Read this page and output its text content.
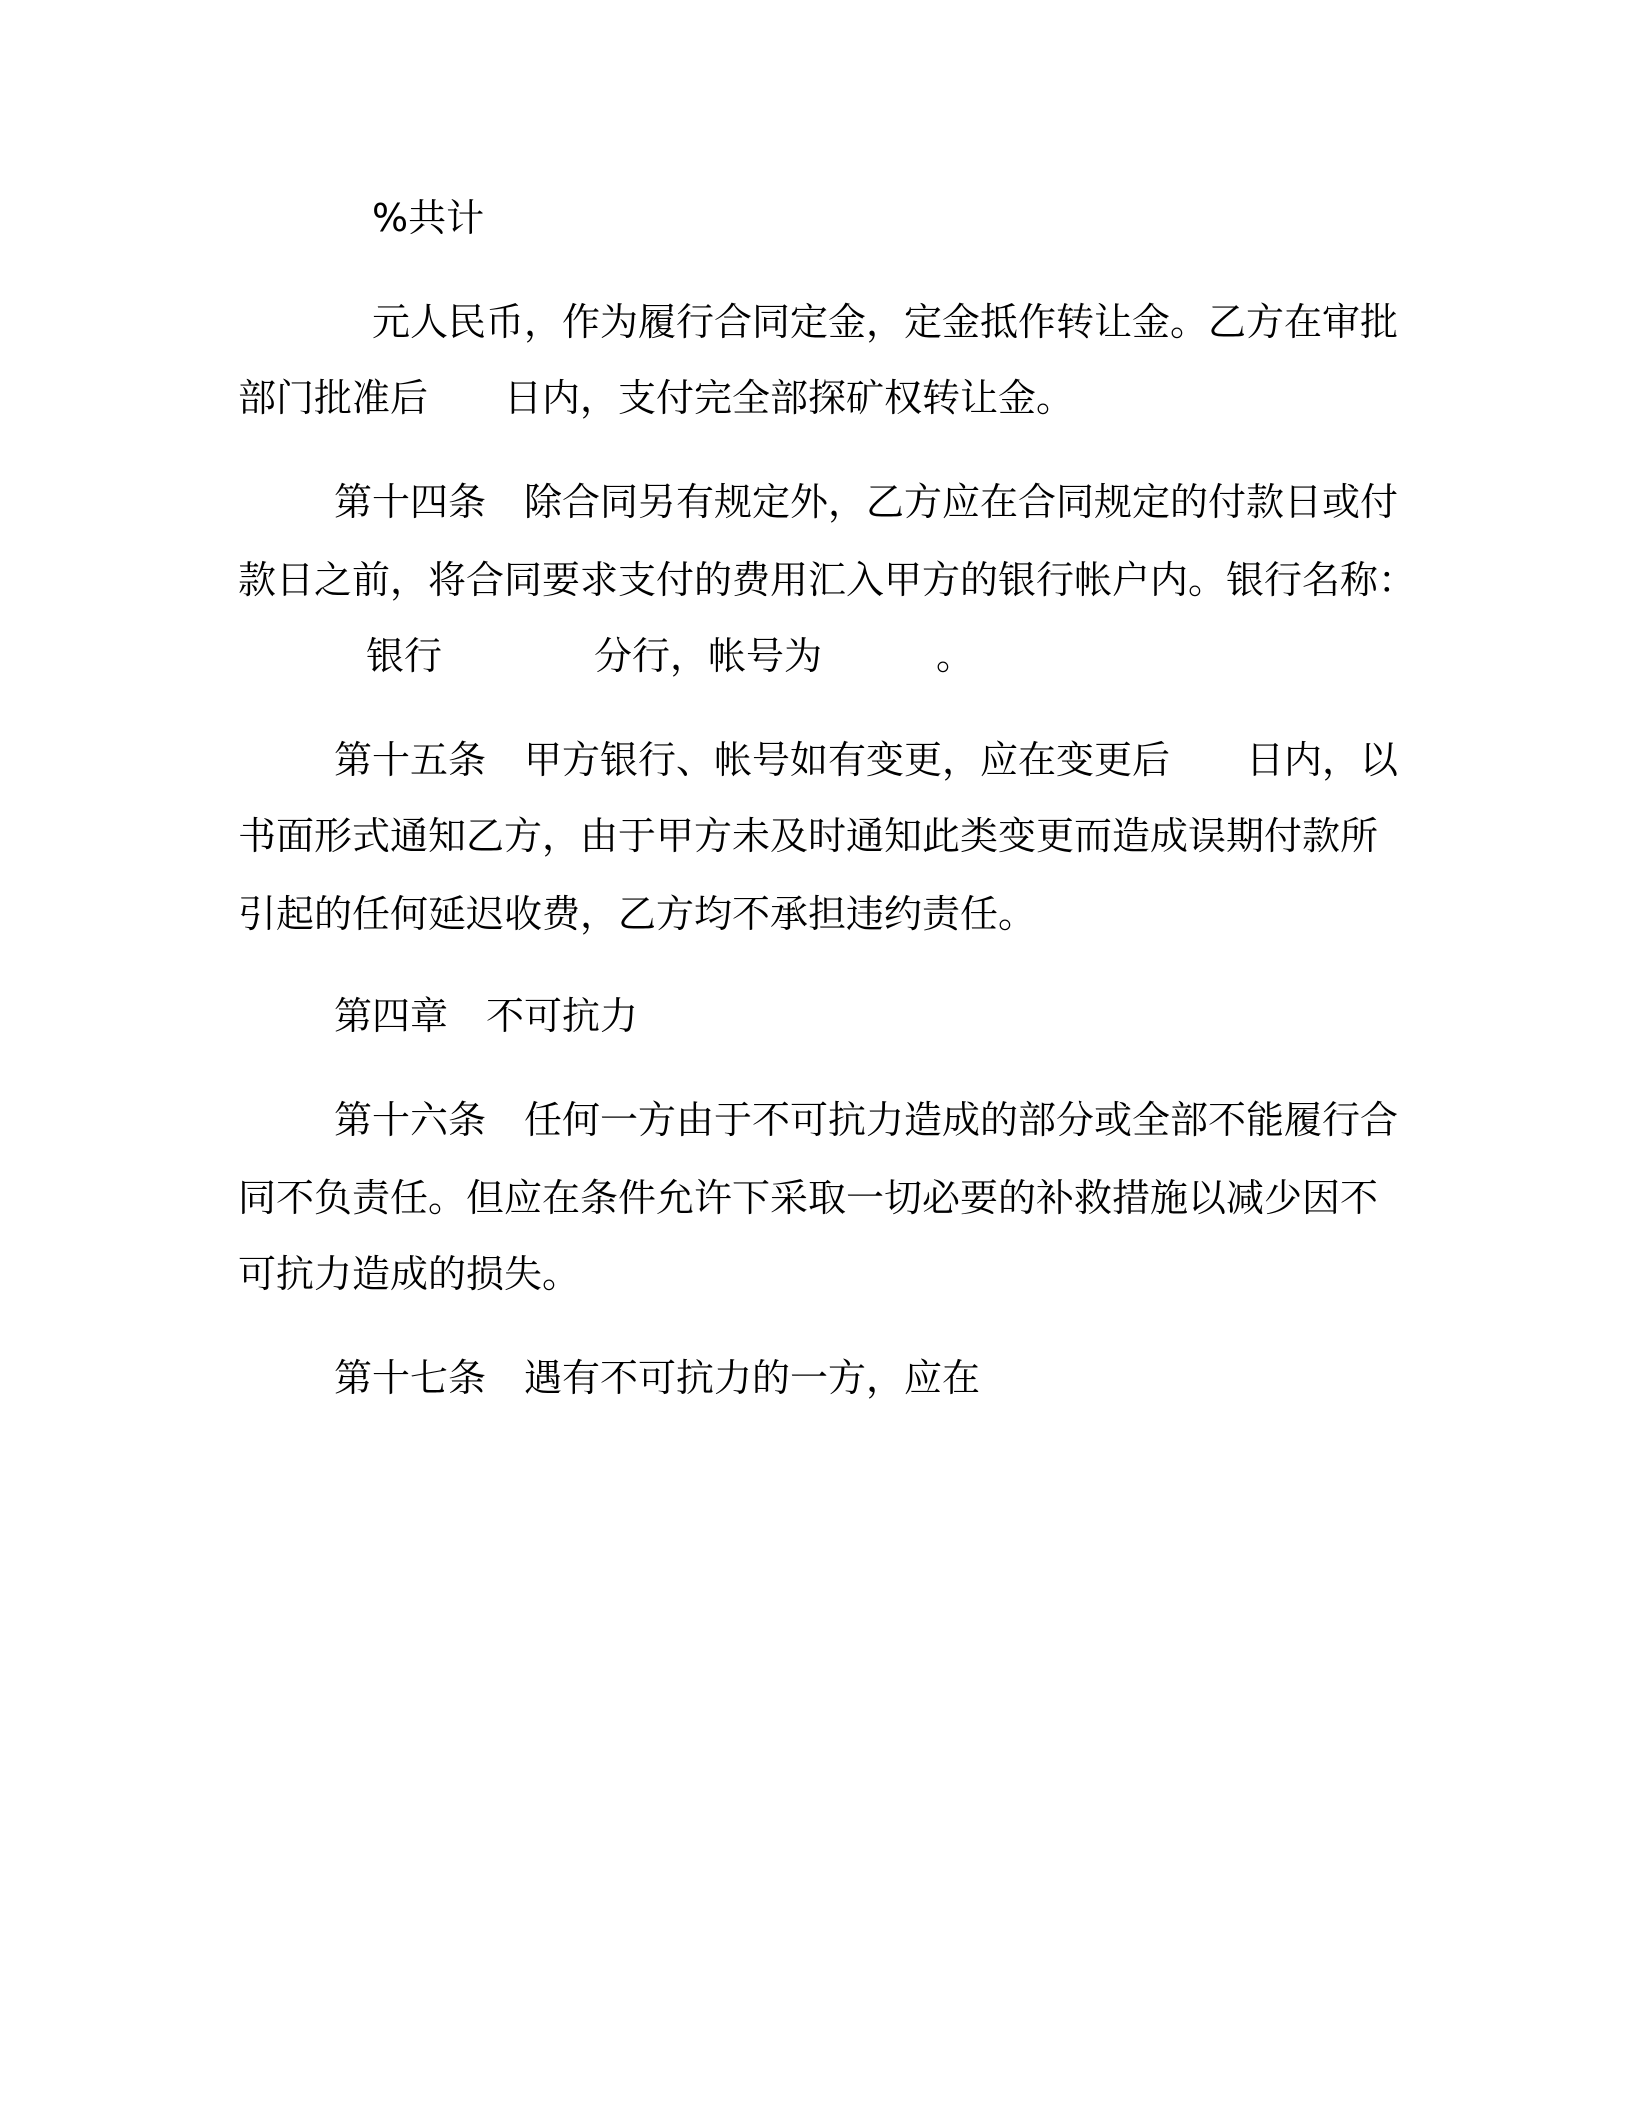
%共计
元人民币，作为履行合同定金，定金抵作转让金。乙方在审批
部门批准后　　日内，支付完全部探矿权转让金。
第十四条　除合同另有规定外，乙方应在合同规定的付款日或付
款日之前，将合同要求支付的费用汇入甲方的银行帐户内。银行名称：
银行　　　　分行，帐号为　　　。
第十五条　甲方银行、帐号如有变更，应在变更后　　日内，以
书面形式通知乙方，由于甲方未及时通知此类变更而造成误期付款所
引起的任何延迟收费，乙方均不承担违约责任。
第四章　不可抗力
第十六条　任何一方由于不可抗力造成的部分或全部不能履行合
同不负责任。但应在条件允许下采取一切必要的补救措施以减少因不
可抗力造成的损失。
第十七条　遇有不可抗力的一方，应在
